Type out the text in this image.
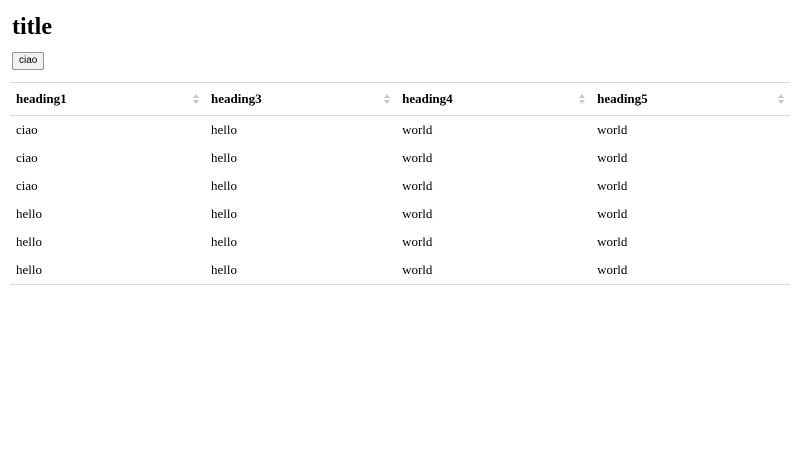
title
ciao
heading1	heading3	heading4	heading5

ciao	hello	world	world
ciao	hello	world	world
ciao	hello	world	world
hello	hello	world	world
hello	hello	world	world
hello	hello	world	world
